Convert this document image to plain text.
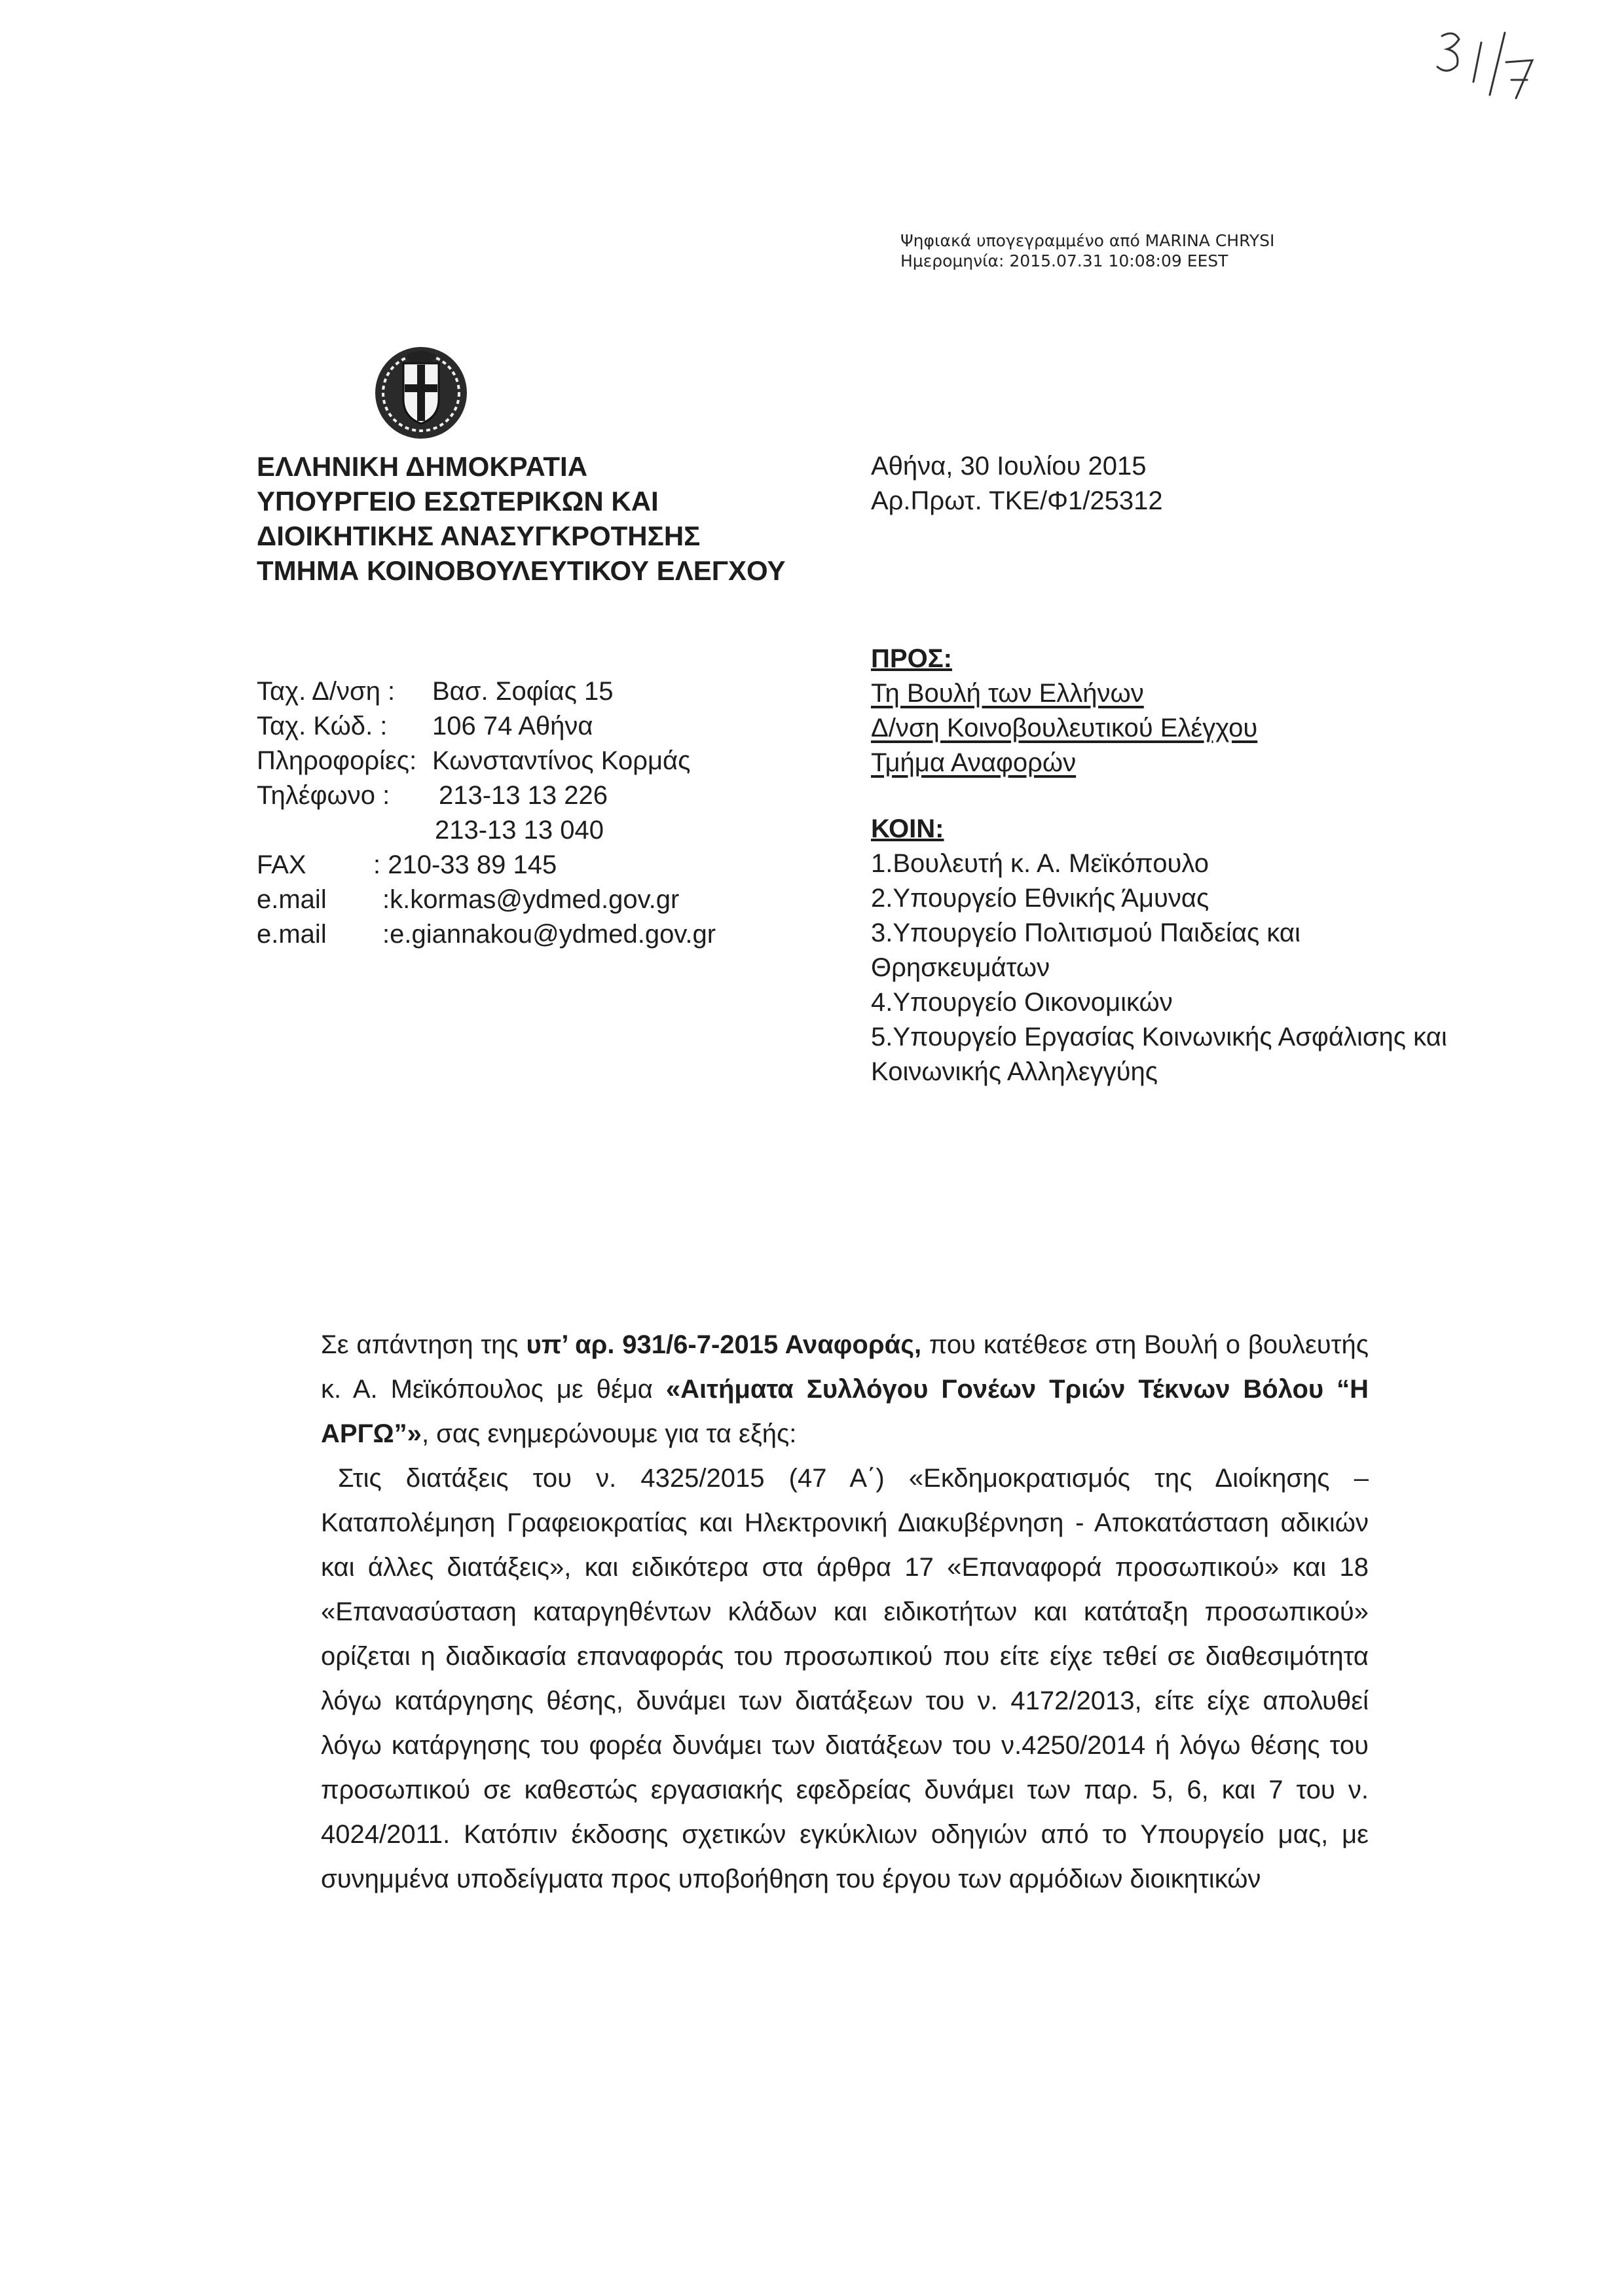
Ψηφιακά υπογεγραμμένο από MARINA CHRYSI
Ημερομηνία: 2015.07.31 10:08:09 EEST
ΕΛΛΗΝΙΚΗ ΔΗΜΟΚΡΑΤΙΑ
ΥΠΟΥΡΓΕΙΟ ΕΣΩΤΕΡΙΚΩΝ ΚΑΙ
ΔΙΟΙΚΗΤΙΚΗΣ ΑΝΑΣΥΓΚΡΟΤΗΣΗΣ
ΤΜΗΜΑ ΚΟΙΝΟΒΟΥΛΕΥΤΙΚΟΥ ΕΛΕΓΧΟΥ
Αθήνα, 30 Ιουλίου 2015
Αρ.Πρωτ. ΤΚΕ/Φ1/25312
Ταχ. Δ/νση : Βασ. Σοφίας 15
Ταχ. Κώδ. : 106 74 Αθήνα
Πληροφορίες: Κωνσταντίνος Κορμάς
Τηλέφωνο : 213-13 13 226
213-13 13 040
FAX	: 210-33 89 145
e.mail :k.kormas@ydmed.gov.gr
e.mail :e.giannakou@ydmed.gov.gr
ΠΡΟΣ:
Τη Βουλή των Ελλήνων
Δ/νση Κοινοβουλευτικού Ελέγχου
Τμήμα Αναφορών
ΚΟΙΝ:
1.Βουλευτή κ. Α. Μεϊκόπουλο
2.Υπουργείο Εθνικής Άμυνας
3.Υπουργείο Πολιτισμού Παιδείας και
Θρησκευμάτων
4.Υπουργείο Οικονομικών
5.Υπουργείο Εργασίας Κοινωνικής Ασφάλισης και
Κοινωνικής Αλληλεγγύης

Σε απάντηση της υπ’ αρ. 931/6-7-2015 Αναφοράς, που κατέθεσε στη Βουλή ο βουλευτής κ. Α. Μεϊκόπουλος με θέμα «Αιτήματα Συλλόγου Γονέων Τριών Τέκνων Βόλου “Η ΑΡΓΩ”», σας ενημερώνουμε για τα εξής:

Στις διατάξεις του ν. 4325/2015 (47 Α΄) «Εκδημοκρατισμός της Διοίκησης – Καταπολέμηση Γραφειοκρατίας και Ηλεκτρονική Διακυβέρνηση - Αποκατάσταση αδικιών και άλλες διατάξεις», και ειδικότερα στα άρθρα 17 «Επαναφορά προσωπικού» και 18 «Επανασύσταση καταργηθέντων κλάδων και ειδικοτήτων και κατάταξη προσωπικού» ορίζεται η διαδικασία επαναφοράς του προσωπικού που είτε είχε τεθεί σε διαθεσιμότητα λόγω κατάργησης θέσης, δυνάμει των διατάξεων του ν. 4172/2013, είτε είχε απολυθεί λόγω κατάργησης του φορέα δυνάμει των διατάξεων του ν.4250/2014 ή λόγω θέσης του προσωπικού σε καθεστώς εργασιακής εφεδρείας δυνάμει των παρ. 5, 6, και 7 του ν. 4024/2011. Κατόπιν έκδοσης σχετικών εγκύκλιων οδηγιών από το Υπουργείο μας, με συνημμένα υποδείγματα προς υποβοήθηση του έργου των αρμόδιων διοικητικών
